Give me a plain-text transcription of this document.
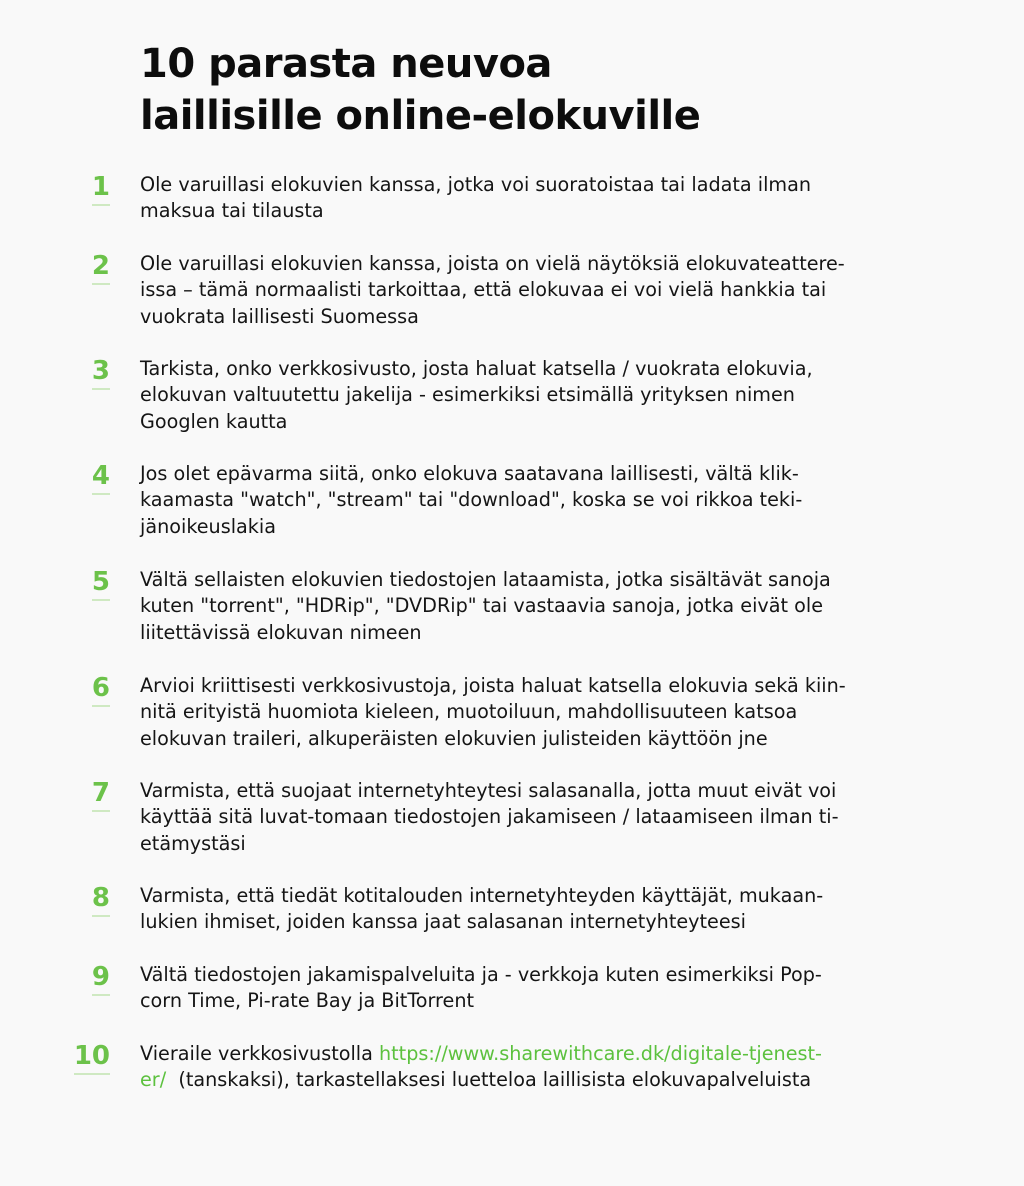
10 parasta neuvoa
laillisille online-elokuville
1 Ole varuillasi elokuvien kanssa, jotka voi suoratoistaa tai ladata ilman
maksua tai tilausta
2 Ole varuillasi elokuvien kanssa, joista on vielä näytöksiä elokuvateattere-
issa – tämä normaalisti tarkoittaa, että elokuvaa ei voi vielä hankkia tai
vuokrata laillisesti Suomessa
3 Tarkista, onko verkkosivusto, josta haluat katsella / vuokrata elokuvia,
elokuvan valtuutettu jakelija - esimerkiksi etsimällä yrityksen nimen
Googlen kautta
4 Jos olet epävarma siitä, onko elokuva saatavana laillisesti, vältä klik-
kaamasta "watch", "stream" tai "download", koska se voi rikkoa teki-
jänoikeuslakia
5 Vältä sellaisten elokuvien tiedostojen lataamista, jotka sisältävät sanoja
kuten "torrent", "HDRip", "DVDRip" tai vastaavia sanoja, jotka eivät ole
liitettävissä elokuvan nimeen
6 Arvioi kriittisesti verkkosivustoja, joista haluat katsella elokuvia sekä kiin-
nitä erityistä huomiota kieleen, muotoiluun, mahdollisuuteen katsoa
elokuvan traileri, alkuperäisten elokuvien julisteiden käyttöön jne
7 Varmista, että suojaat internetyhteytesi salasanalla, jotta muut eivät voi
käyttää sitä luvat-tomaan tiedostojen jakamiseen / lataamiseen ilman ti-
etämystäsi
8 Varmista, että tiedät kotitalouden internetyhteyden käyttäjät, mukaan-
lukien ihmiset, joiden kanssa jaat salasanan internetyhteyteesi
9 Vältä tiedostojen jakamispalveluita ja - verkkoja kuten esimerkiksi Pop-
corn Time, Pi-rate Bay ja BitTorrent
10 Vieraile verkkosivustolla https://www.sharewithcare.dk/digitale-tjenest-
er/  (tanskaksi), tarkastellaksesi luetteloa laillisista elokuvapalveluista
